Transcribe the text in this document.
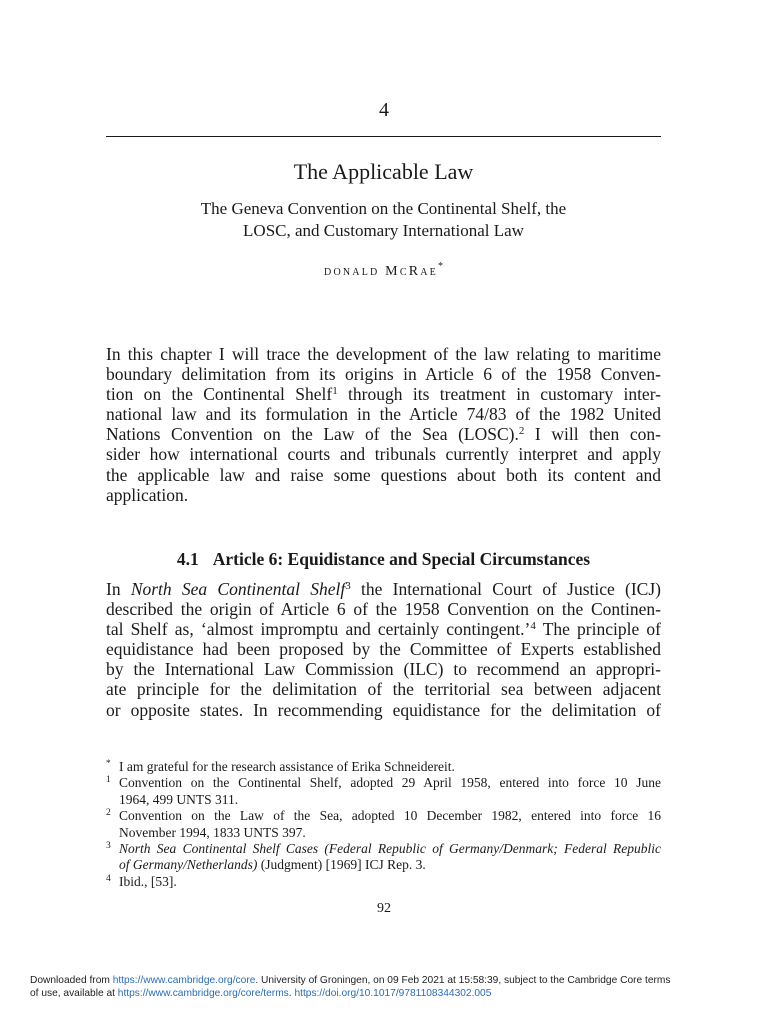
4
The Applicable Law
The Geneva Convention on the Continental Shelf, the
LOSC, and Customary International Law
donald McRae*
In this chapter I will trace the development of the law relating to maritime
boundary delimitation from its origins in Article 6 of the 1958 Conven-
tion on the Continental Shelf$^1$ through its treatment in customary inter-
national law and its formulation in the Article 74/83 of the 1982 United
Nations Convention on the Law of the Sea (LOSC).$^2$ I will then con-
sider how international courts and tribunals currently interpret and apply
the applicable law and raise some questions about both its content and
application.
4.1 Article 6: Equidistance and Special Circumstances
In North Sea Continental Shelf$^3$ the International Court of Justice (ICJ)
described the origin of Article 6 of the 1958 Convention on the Continen-
tal Shelf as, ‘almost impromptu and certainly contingent.’$^4$ The principle of
equidistance had been proposed by the Committee of Experts established
by the International Law Commission (ILC) to recommend an appropri-
ate principle for the delimitation of the territorial sea between adjacent
or opposite states. In recommending equidistance for the delimitation of
* I am grateful for the research assistance of Erika Schneidereit.
1 Convention on the Continental Shelf, adopted 29 April 1958, entered into force 10 June
1964, 499 UNTS 311.
2 Convention on the Law of the Sea, adopted 10 December 1982, entered into force 16
November 1994, 1833 UNTS 397.
3 North Sea Continental Shelf Cases (Federal Republic of Germany/Denmark; Federal Republic
of Germany/Netherlands) (Judgment) [1969] ICJ Rep. 3.
4 Ibid., [53].
92
Downloaded from https://www.cambridge.org/core. University of Groningen, on 09 Feb 2021 at 15:58:39, subject to the Cambridge Core terms
of use, available at https://www.cambridge.org/core/terms. https://doi.org/10.1017/9781108344302.005
